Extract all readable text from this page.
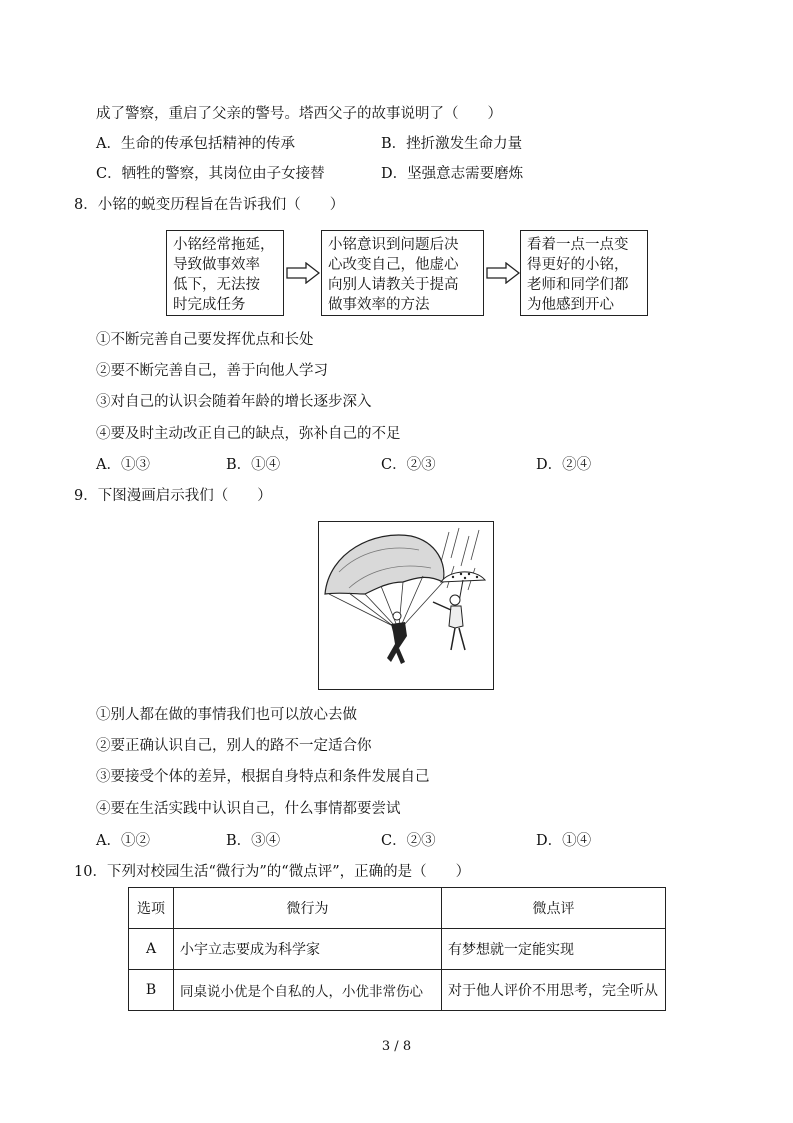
成了警察，重启了父亲的警号。塔西父子的故事说明了（　　）
A．生命的传承包括精神的传承	B．挫折激发生命力量
C．牺牲的警察，其岗位由子女接替	D．坚强意志需要磨炼
8．小铭的蜕变历程旨在告诉我们（　　）
小铭经常拖延，
导致做事效率
低下，无法按
时完成任务
小铭意识到问题后决
心改变自己，他虚心
向别人请教关于提高
做事效率的方法
看着一点一点变
得更好的小铭，
老师和同学们都
为他感到开心
①不断完善自己要发挥优点和长处
②要不断完善自己，善于向他人学习
③对自己的认识会随着年龄的增长逐步深入
④要及时主动改正自己的缺点，弥补自己的不足
A．①③	B．①④	C．②③	D．②④
9．下图漫画启示我们（　　）
①别人都在做的事情我们也可以放心去做
②要正确认识自己，别人的路不一定适合你
③要接受个体的差异，根据自身特点和条件发展自己
④要在生活实践中认识自己，什么事情都要尝试
A．①②	B．③④	C．②③	D．①④
10．下列对校园生活“微行为”的“微点评”，正确的是（　　）
选项	微行为	微点评
A	小宇立志要成为科学家	有梦想就一定能实现
B	同桌说小优是个自私的人，小优非常伤心	对于他人评价不用思考，完全听从
3 / 8
